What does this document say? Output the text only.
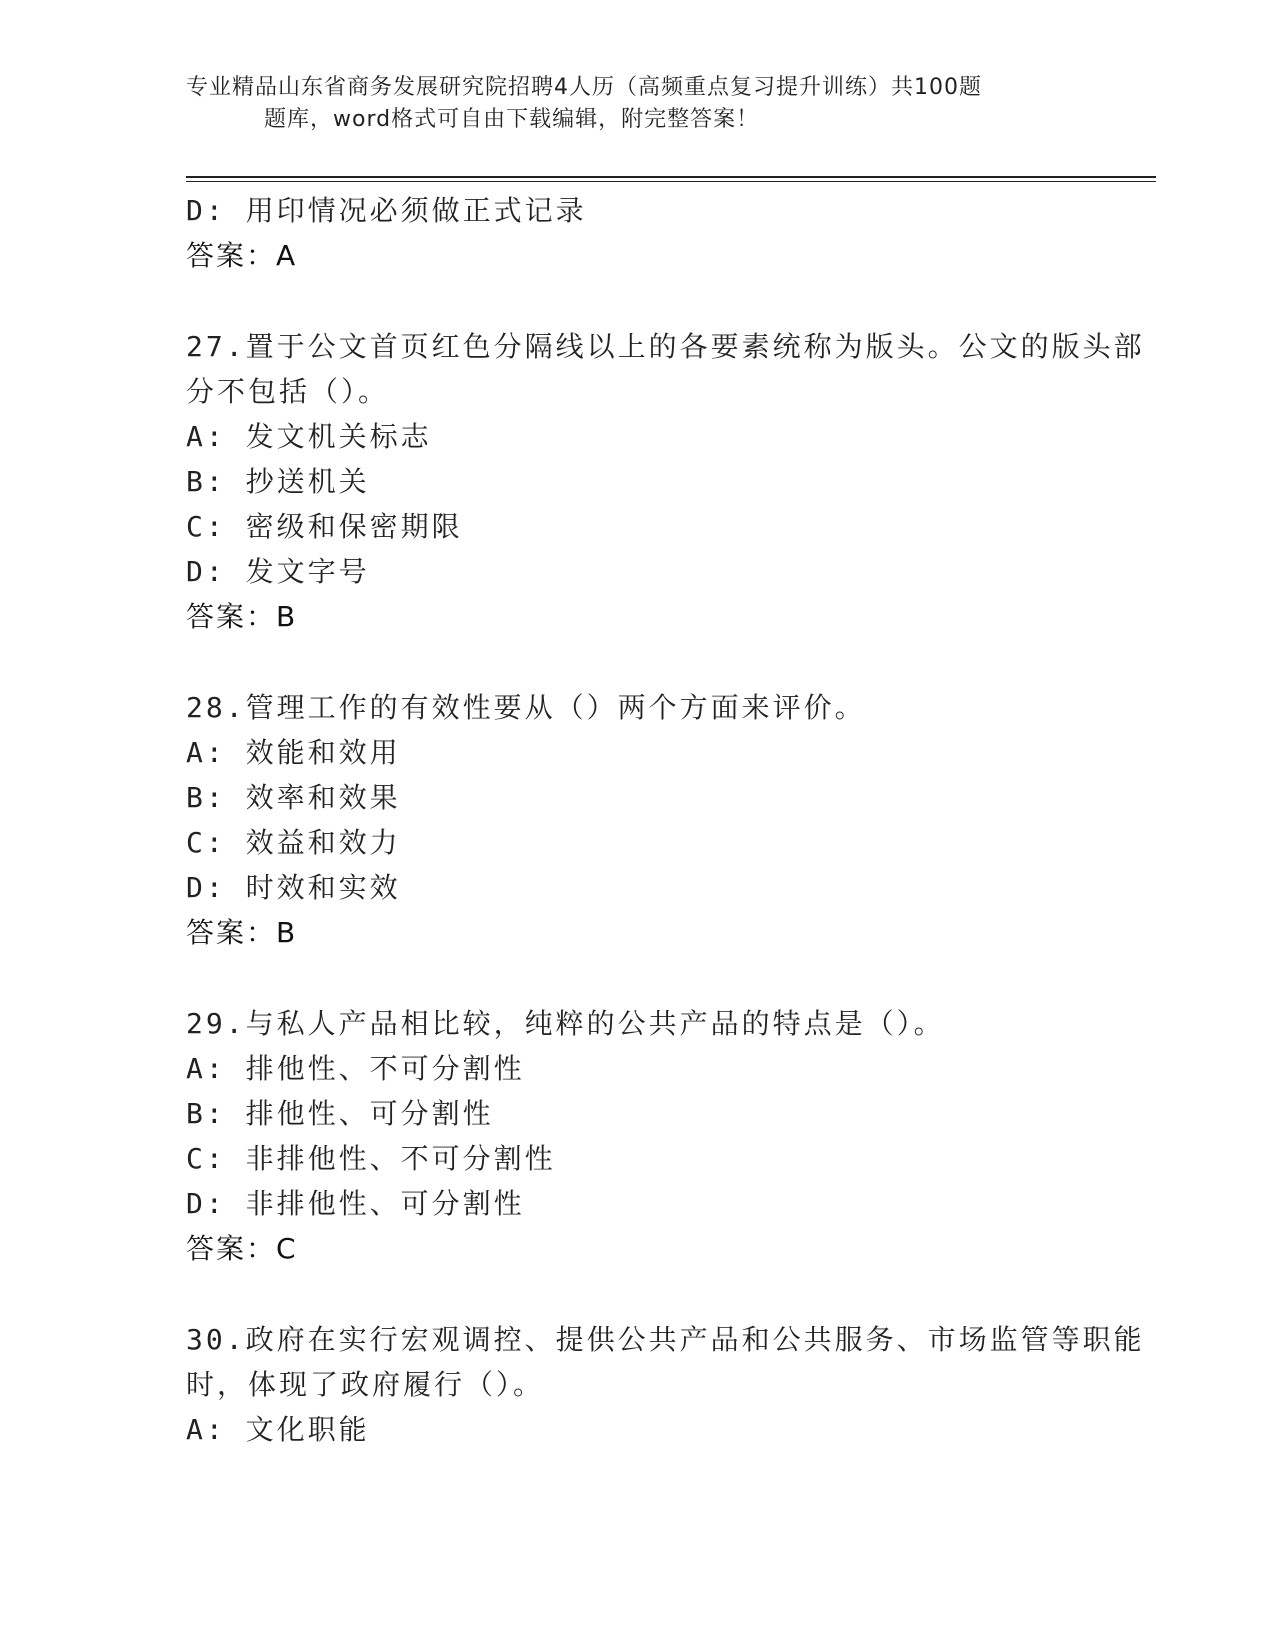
专业精品山东省商务发展研究院招聘4人历（高频重点复习提升训练）共100题
题库，word格式可自由下载编辑，附完整答案！
D: 用印情况必须做正式记录
答案：A
27.置于公文首页红色分隔线以上的各要素统称为版头。公文的版头部
分不包括（）。
A: 发文机关标志
B: 抄送机关
C: 密级和保密期限
D: 发文字号
答案：B
28.管理工作的有效性要从（）两个方面来评价。
A: 效能和效用
B: 效率和效果
C: 效益和效力
D: 时效和实效
答案：B
29.与私人产品相比较，纯粹的公共产品的特点是（）。
A: 排他性、不可分割性
B: 排他性、可分割性
C: 非排他性、不可分割性
D: 非排他性、可分割性
答案：C
30.政府在实行宏观调控、提供公共产品和公共服务、市场监管等职能
时，体现了政府履行（）。
A: 文化职能
